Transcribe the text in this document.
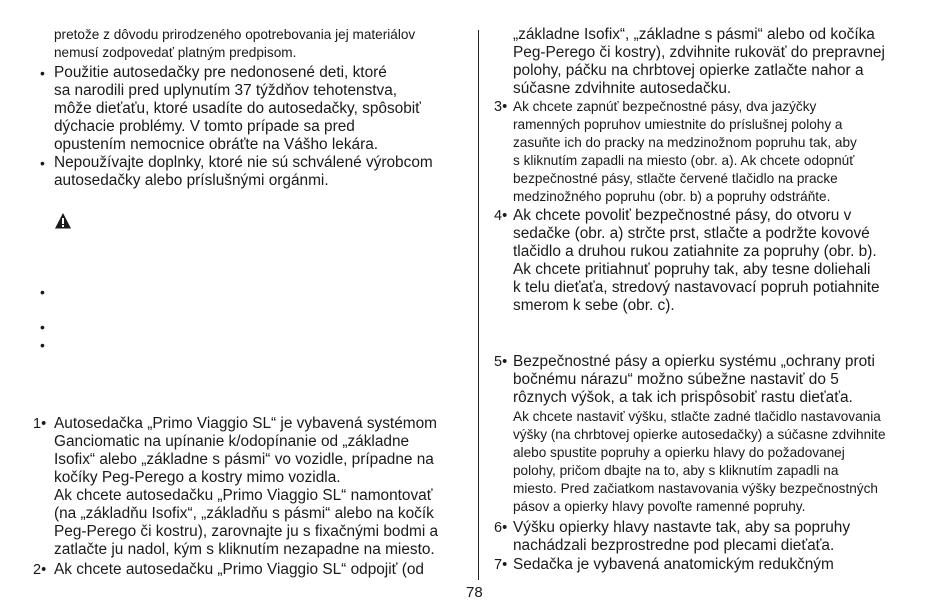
pretože z dôvodu prirodzeného opotrebovania jej materiálov
nemusí zodpovedať platným predpisom.
• Použitie autosedačky pre nedonosené deti, ktoré
sa narodili pred uplynutím 37 týždňov tehotenstva,
môže dieťaťu, ktoré usadíte do autosedačky, spôsobiť
dýchacie problémy. V tomto prípade sa pred
opustením nemocnice obráťte na Vášho lekára.
• Nepoužívajte doplnky, ktoré nie sú schválené výrobcom
autosedačky alebo príslušnými orgánmi.
•
•
•
1• Autosedačka „Primo Viaggio SL“ je vybavená systémom
Ganciomatic na upínanie k/odopínanie od „základne
Isofix“ alebo „základne s pásmi“ vo vozidle, prípadne na
kočíky Peg-Perego a kostry mimo vozidla.
Ak chcete autosedačku „Primo Viaggio SL“ namontovať
(na „základňu Isofix“, „základňu s pásmi“ alebo na kočík
Peg-Perego či kostru), zarovnajte ju s fixačnými bodmi a
zatlačte ju nadol, kým s kliknutím nezapadne na miesto.
2• Ak chcete autosedačku „Primo Viaggio SL“ odpojiť (od
„základne Isofix“, „základne s pásmi“ alebo od kočíka
Peg-Perego či kostry), zdvihnite rukoväť do prepravnej
polohy, páčku na chrbtovej opierke zatlačte nahor a
súčasne zdvihnite autosedačku.
3• Ak chcete zapnúť bezpečnostné pásy, dva jazýčky
ramenných popruhov umiestnite do príslušnej polohy a
zasuňte ich do pracky na medzinožnom popruhu tak, aby
s kliknutím zapadli na miesto (obr. a). Ak chcete odopnúť
bezpečnostné pásy, stlačte červené tlačidlo na pracke
medzinožného popruhu (obr. b) a popruhy odstráňte.
4• Ak chcete povoliť bezpečnostné pásy, do otvoru v
sedačke (obr. a) strčte prst, stlačte a podržte kovové
tlačidlo a druhou rukou zatiahnite za popruhy (obr. b).
Ak chcete pritiahnuť popruhy tak, aby tesne doliehali
k telu dieťaťa, stredový nastavovací popruh potiahnite
smerom k sebe (obr. c).
5• Bezpečnostné pásy a opierku systému „ochrany proti
bočnému nárazu“ možno súbežne nastaviť do 5
rôznych výšok, a tak ich prispôsobiť rastu dieťaťa.
Ak chcete nastaviť výšku, stlačte zadné tlačidlo nastavovania
výšky (na chrbtovej opierke autosedačky) a súčasne zdvihnite
alebo spustite popruhy a opierku hlavy do požadovanej
polohy, pričom dbajte na to, aby s kliknutím zapadli na
miesto. Pred začiatkom nastavovania výšky bezpečnostných
pásov a opierky hlavy povoľte ramenné popruhy.
6• Výšku opierky hlavy nastavte tak, aby sa popruhy
nachádzali bezprostredne pod plecami dieťaťa.
7• Sedačka je vybavená anatomickým redukčným
78
